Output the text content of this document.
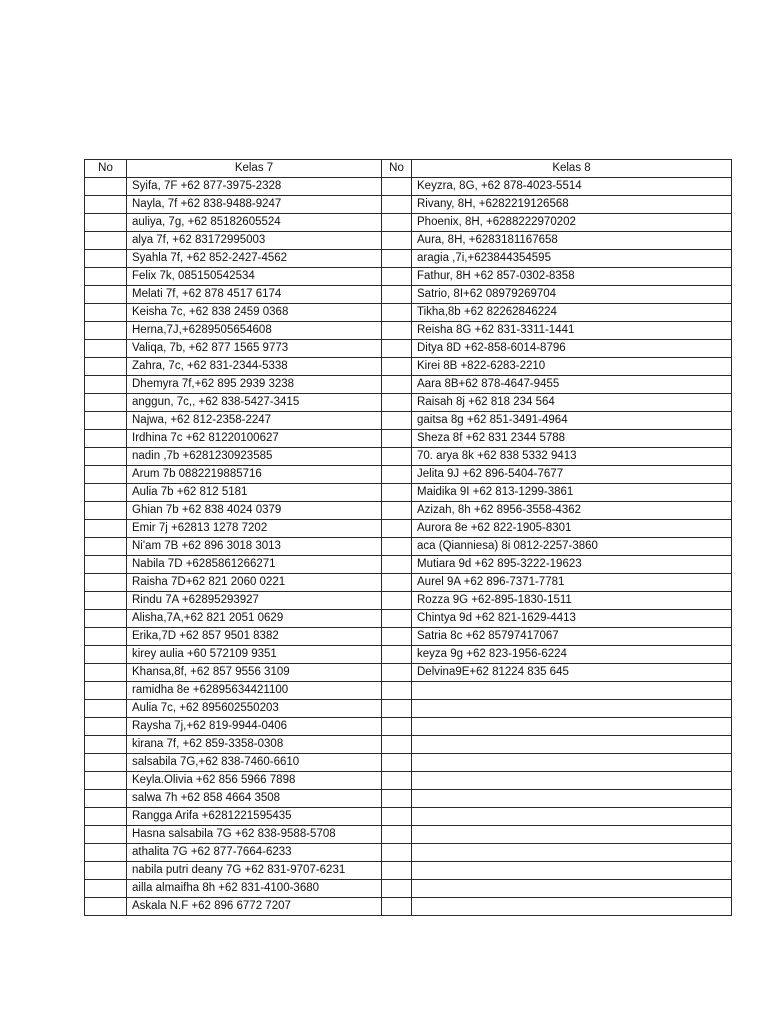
No	Kelas 7	No	Kelas 8
	Syifa, 7F +62 877-3975-2328		Keyzra, 8G, +62 878-4023-5514
	Nayla, 7f +62 838-9488-9247		Rivany, 8H, +6282219126568
	auliya, 7g, +62 85182605524		Phoenix, 8H, +6288222970202
	alya 7f, +62 83172995003		Aura, 8H, +6283181167658
	Syahla 7f, +62 852-2427-4562		aragia ,7i,+623844354595
	Felix 7k, 085150542534		Fathur, 8H +62 857-0302-8358
	Melati 7f, +62 878 4517 6174		Satrio, 8I+62 08979269704
	Keisha 7c, +62 838 2459 0368		Tikha,8b +62 82262846224
	Herna,7J,+6289505654608		Reisha 8G +62 831-3311-1441
	Valiqa, 7b, +62 877 1565 9773		Ditya 8D +62-858-6014-8796
	Zahra, 7c, +62 831-2344-5338		Kirei 8B +822-6283-2210
	Dhemyra 7f,+62 895 2939 3238		Aara 8B+62 878-4647-9455
	anggun, 7c,, +62 838-5427-3415		Raisah 8j +62 818 234 564
	Najwa, +62 812-2358-2247		gaitsa 8g +62 851-3491-4964
	Irdhina 7c +62 81220100627		Sheza 8f +62 831 2344 5788
	nadin ,7b +6281230923585		70. arya 8k +62 838 5332 9413
	Arum 7b 0882219885716		Jelita 9J +62 896-5404-7677
	Aulia 7b +62 812 5181		Maidika 9I +62 813-1299-3861
	Ghian 7b +62 838 4024 0379		Azizah, 8h +62 8956-3558-4362
	Emir 7j +62813 1278 7202		Aurora 8e +62 822-1905-8301
	Ni'am 7B +62 896 3018 3013		aca (Qianniesa) 8i 0812-2257-3860
	Nabila 7D +6285861266271		Mutiara 9d +62 895-3222-19623
	Raisha 7D+62 821 2060 0221		Aurel 9A +62 896-7371-7781
	Rindu 7A +62895293927		Rozza 9G +62-895-1830-1511
	Alisha,7A,+62 821 2051 0629		Chintya 9d +62 821-1629-4413
	Erika,7D +62 857 9501 8382		Satria 8c +62 85797417067
	kirey aulia +60 572109 9351		keyza 9g +62 823-1956-6224
	Khansa,8f, +62 857 9556 3109		Delvina9E+62 81224 835 645
	ramidha 8e +62895634421100		
	Aulia 7c, +62 895602550203		
	Raysha 7j,+62 819-9944-0406		
	kirana 7f, +62 859-3358-0308		
	salsabila 7G,+62 838-7460-6610		
	Keyla.Olivia +62 856 5966 7898		
	salwa 7h +62 858 4664 3508		
	Rangga Arifa +6281221595435		
	Hasna salsabila 7G +62 838-9588-5708		
	athalita 7G +62 877-7664-6233		
	nabila putri deany 7G +62 831-9707-6231		
	ailla almaifha 8h +62 831-4100-3680		
	Askala N.F +62 896 6772 7207		
